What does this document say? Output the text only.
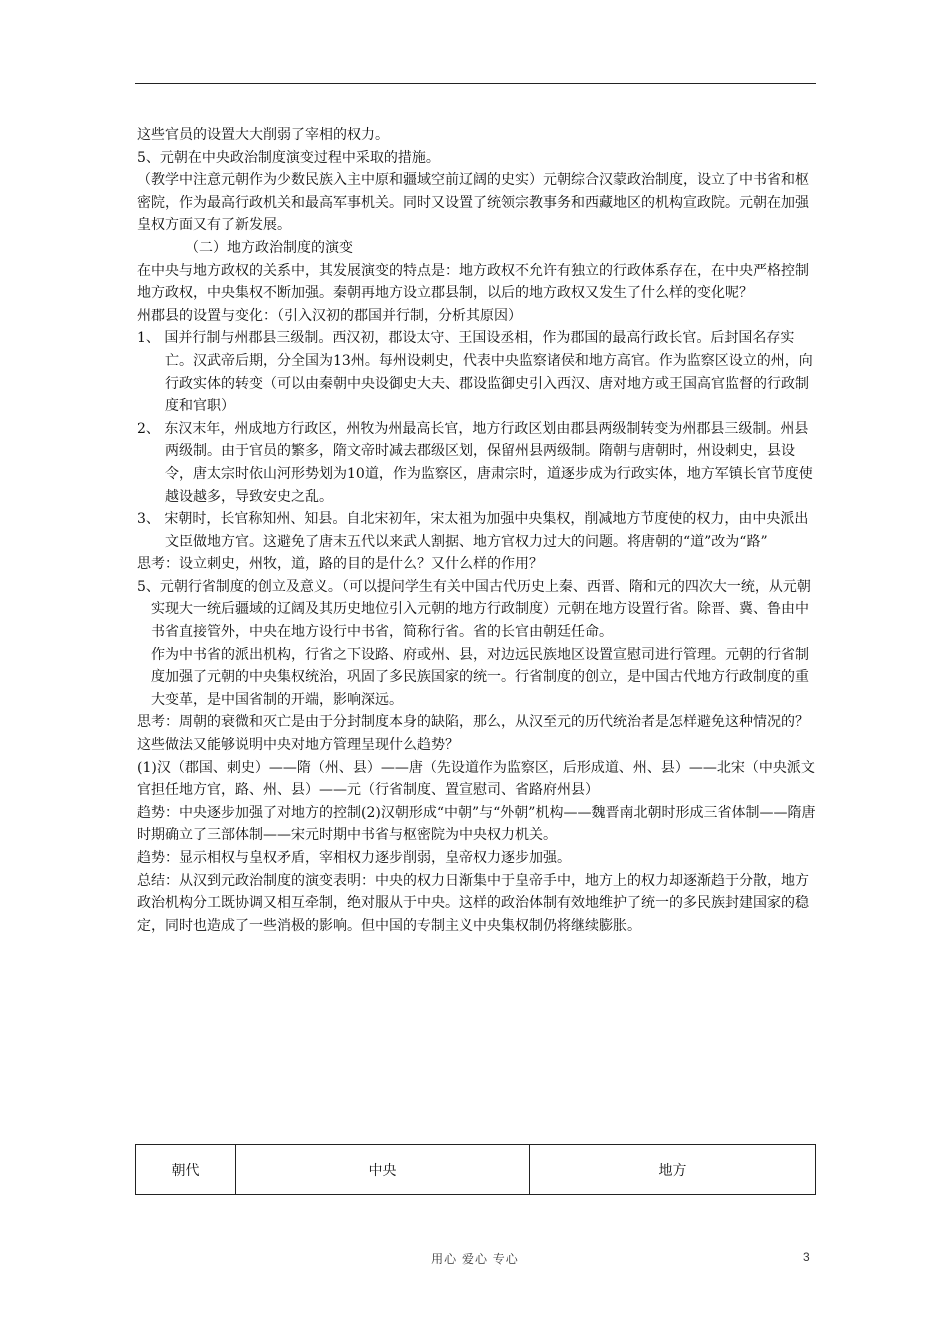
这些官员的设置大大削弱了宰相的权力。

5、元朝在中央政治制度演变过程中采取的措施。

（教学中注意元朝作为少数民族入主中原和疆域空前辽阔的史实）元朝综合汉蒙政治制度，设立了中书省和枢密院，作为最高行政机关和最高军事机关。同时又设置了统领宗教事务和西藏地区的机构宣政院。元朝在加强皇权方面又有了新发展。

（二）地方政治制度的演变

在中央与地方政权的关系中，其发展演变的特点是：地方政权不允许有独立的行政体系存在，在中央严格控制地方政权，中央集权不断加强。秦朝再地方设立郡县制，以后的地方政权又发生了什么样的变化呢？

州郡县的设置与变化：（引入汉初的郡国并行制，分析其原因）

1、 国并行制与州郡县三级制。西汉初，郡设太守、王国设丞相，作为郡国的最高行政长官。后封国名存实亡。汉武帝后期，分全国为13州。每州设刺史，代表中央监察诸侯和地方高官。作为监察区设立的州，向行政实体的转变（可以由秦朝中央设御史大夫、郡设监御史引入西汉、唐对地方或王国高官监督的行政制度和官职）

2、 东汉末年，州成地方行政区，州牧为州最高长官，地方行政区划由郡县两级制转变为州郡县三级制。州县两级制。由于官员的繁多，隋文帝时减去郡级区划，保留州县两级制。隋朝与唐朝时，州设刺史，县设令，唐太宗时依山河形势划为10道，作为监察区，唐肃宗时，道逐步成为行政实体，地方军镇长官节度使越设越多，导致安史之乱。

3、 宋朝时，长官称知州、知县。自北宋初年，宋太祖为加强中央集权，削减地方节度使的权力，由中央派出文臣做地方官。这避免了唐末五代以来武人割据、地方官权力过大的问题。将唐朝的“道”改为“路”

思考：设立刺史，州牧，道，路的目的是什么？又什么样的作用？

5、元朝行省制度的创立及意义。（可以提问学生有关中国古代历史上秦、西晋、隋和元的四次大一统，从元朝实现大一统后疆域的辽阔及其历史地位引入元朝的地方行政制度）元朝在地方设置行省。除晋、冀、鲁由中书省直接管外，中央在地方设行中书省，简称行省。省的长官由朝廷任命。

作为中书省的派出机构，行省之下设路、府或州、县，对边远民族地区设置宣慰司进行管理。元朝的行省制度加强了元朝的中央集权统治，巩固了多民族国家的统一。行省制度的创立，是中国古代地方行政制度的重大变革，是中国省制的开端，影响深远。

思考：周朝的衰微和灭亡是由于分封制度本身的缺陷，那么，从汉至元的历代统治者是怎样避免这种情况的？这些做法又能够说明中央对地方管理呈现什么趋势？

(1)汉（郡国、刺史）——隋（州、县）——唐（先设道作为监察区，后形成道、州、县）——北宋（中央派文官担任地方官，路、州、县）——元（行省制度、置宣慰司、省路府州县）

趋势：中央逐步加强了对地方的控制(2)汉朝形成“中朝”与“外朝”机构——魏晋南北朝时形成三省体制——隋唐时期确立了三部体制——宋元时期中书省与枢密院为中央权力机关。

趋势：显示相权与皇权矛盾，宰相权力逐步削弱，皇帝权力逐步加强。

总结：从汉到元政治制度的演变表明：中央的权力日渐集中于皇帝手中，地方上的权力却逐渐趋于分散，地方政治机构分工既协调又相互牵制，绝对服从于中央。这样的政治体制有效地维护了统一的多民族封建国家的稳定，同时也造成了一些消极的影响。但中国的专制主义中央集权制仍将继续膨胀。

朝代	中央	地方
用心 爱心 专心	3
